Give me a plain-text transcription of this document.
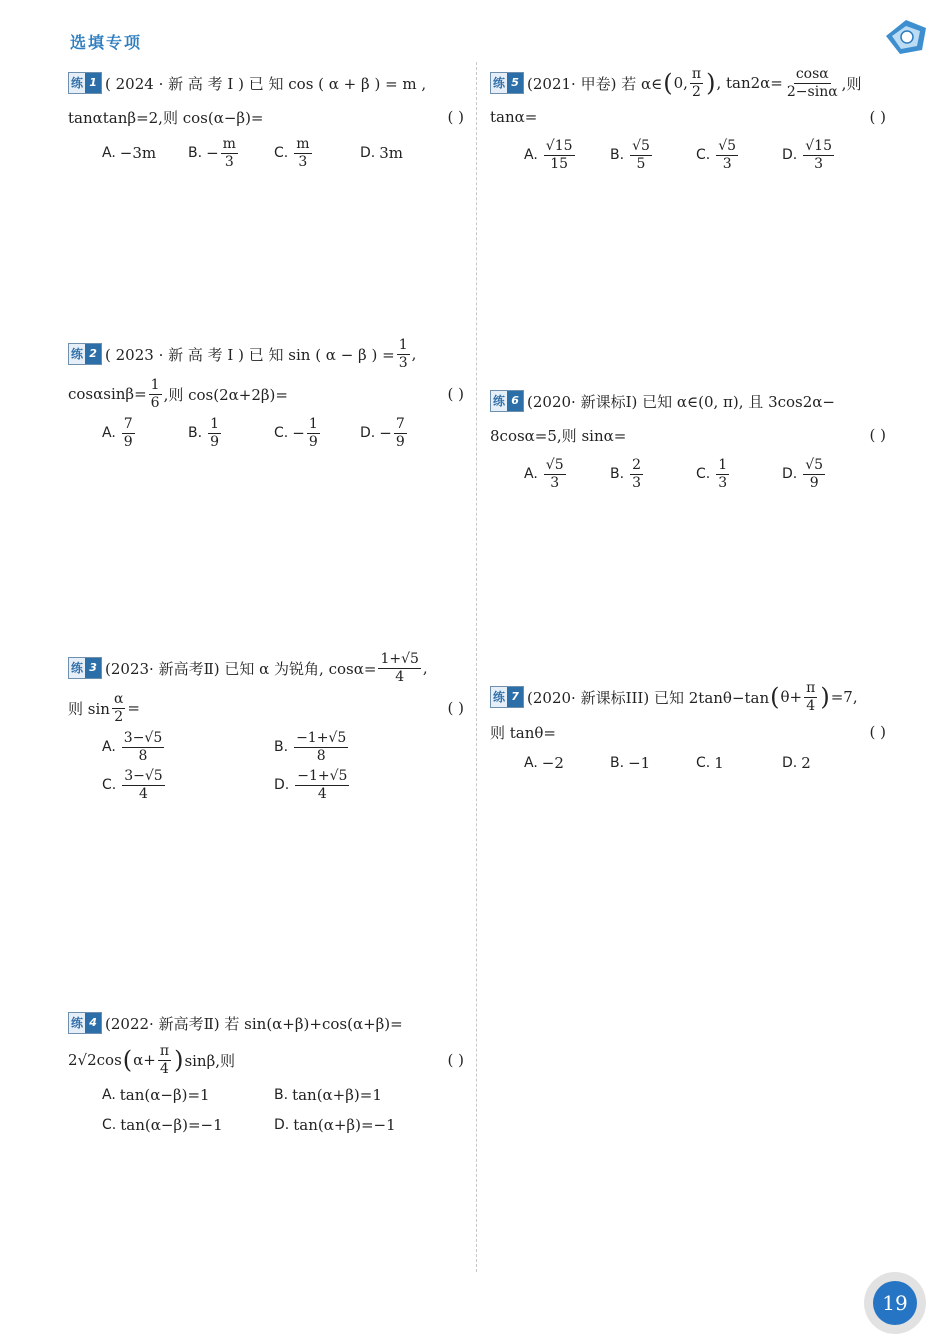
选填专项
练 1 ( 2024 · 新 高 考 Ⅰ ) 已 知 cos ( α + β ) = m ,
tanαtanβ=2,则 cos(α−β)=	( )
A. −3m B. − $\frac{m}{3}$	C. $\frac{m}{3}$	D. 3m
练 2 ( 2023 · 新 高 考 Ⅰ ) 已 知 sin ( α − β ) = $\frac{1}{3}$ ,
$\cos\alpha\sin\beta= \frac{1}{6}$ ,则 cos(2α+2β)=	( )
A. $\frac{7}{9}$	B. $\frac{1}{9}$	C. − $\frac{1}{9}$	D. − $\frac{7}{9}$
练 3 (2023· 新高考Ⅱ) 已知 α 为锐角, $\cos\alpha= \frac{1+√5}{4}$ ,
则 $\sin \frac{\alpha}{2}$ =	( )
A. $\frac{3-√5}{8}$	B. $\frac{-1+√5}{8}$
C. $\frac{3-√5}{4}$	D. $\frac{-1+√5}{4}$
练 4 (2022· 新高考Ⅱ) 若 sin(α+β)+cos(α+β)=
2√2cos ( $\alpha+ \frac{\pi}{4}$ ) sinβ,则	( )
A. tan(α−β)=1	B. tan(α+β)=1
C. tan(α−β)=−1	D. tan(α+β)=−1
练 5 (2021· 甲卷) 若 α∈ ( 0, $\frac{\pi}{2}$ ) , $\tan 2\alpha= \frac{\cos\alpha}{2-\sin\alpha}$ ,则
tanα=	( )
A. $\frac{√15}{15}$	B. $\frac{√5}{5}$	C. $\frac{√5}{3}$	D. $\frac{√15}{3}$
练 6 (2020· 新课标Ⅰ) 已知 α∈(0, π), 且 3cos2α−
8cosα=5,则 sinα=	( )
A. $\frac{√5}{3}$	B. $\frac{2}{3}$	C. $\frac{1}{3}$	D. $\frac{√5}{9}$
练 7 (2020· 新课标III) 已知 2tanθ−tan ( $\theta+ \frac{\pi}{4}$ ) =7,
则 tanθ=	( )
A. −2	B. −1	C. 1	D. 2
19
